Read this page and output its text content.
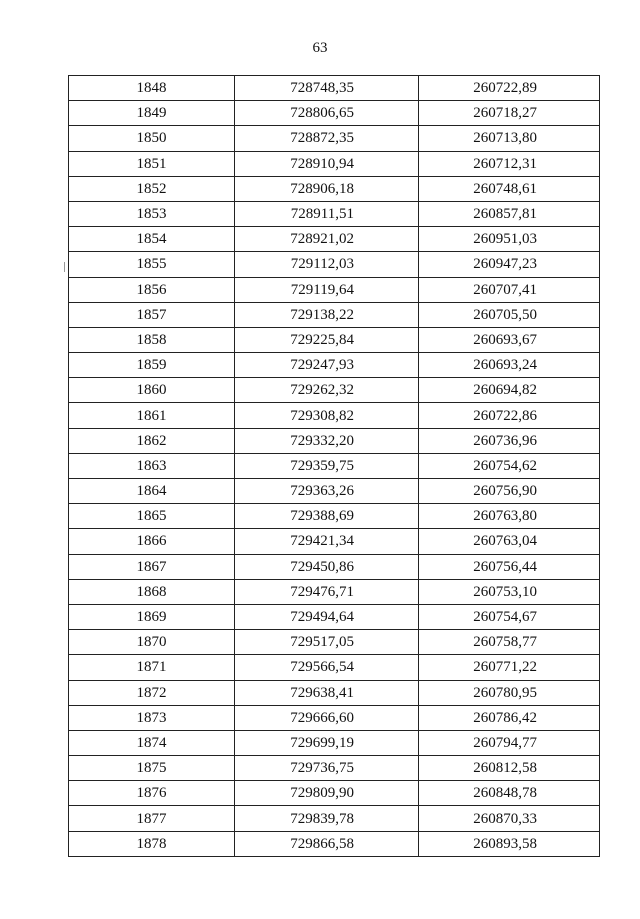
63
1848	728748,35	260722,89
1849	728806,65	260718,27
1850	728872,35	260713,80
1851	728910,94	260712,31
1852	728906,18	260748,61
1853	728911,51	260857,81
1854	728921,02	260951,03
1855	729112,03	260947,23
1856	729119,64	260707,41
1857	729138,22	260705,50
1858	729225,84	260693,67
1859	729247,93	260693,24
1860	729262,32	260694,82
1861	729308,82	260722,86
1862	729332,20	260736,96
1863	729359,75	260754,62
1864	729363,26	260756,90
1865	729388,69	260763,80
1866	729421,34	260763,04
1867	729450,86	260756,44
1868	729476,71	260753,10
1869	729494,64	260754,67
1870	729517,05	260758,77
1871	729566,54	260771,22
1872	729638,41	260780,95
1873	729666,60	260786,42
1874	729699,19	260794,77
1875	729736,75	260812,58
1876	729809,90	260848,78
1877	729839,78	260870,33
1878	729866,58	260893,58
